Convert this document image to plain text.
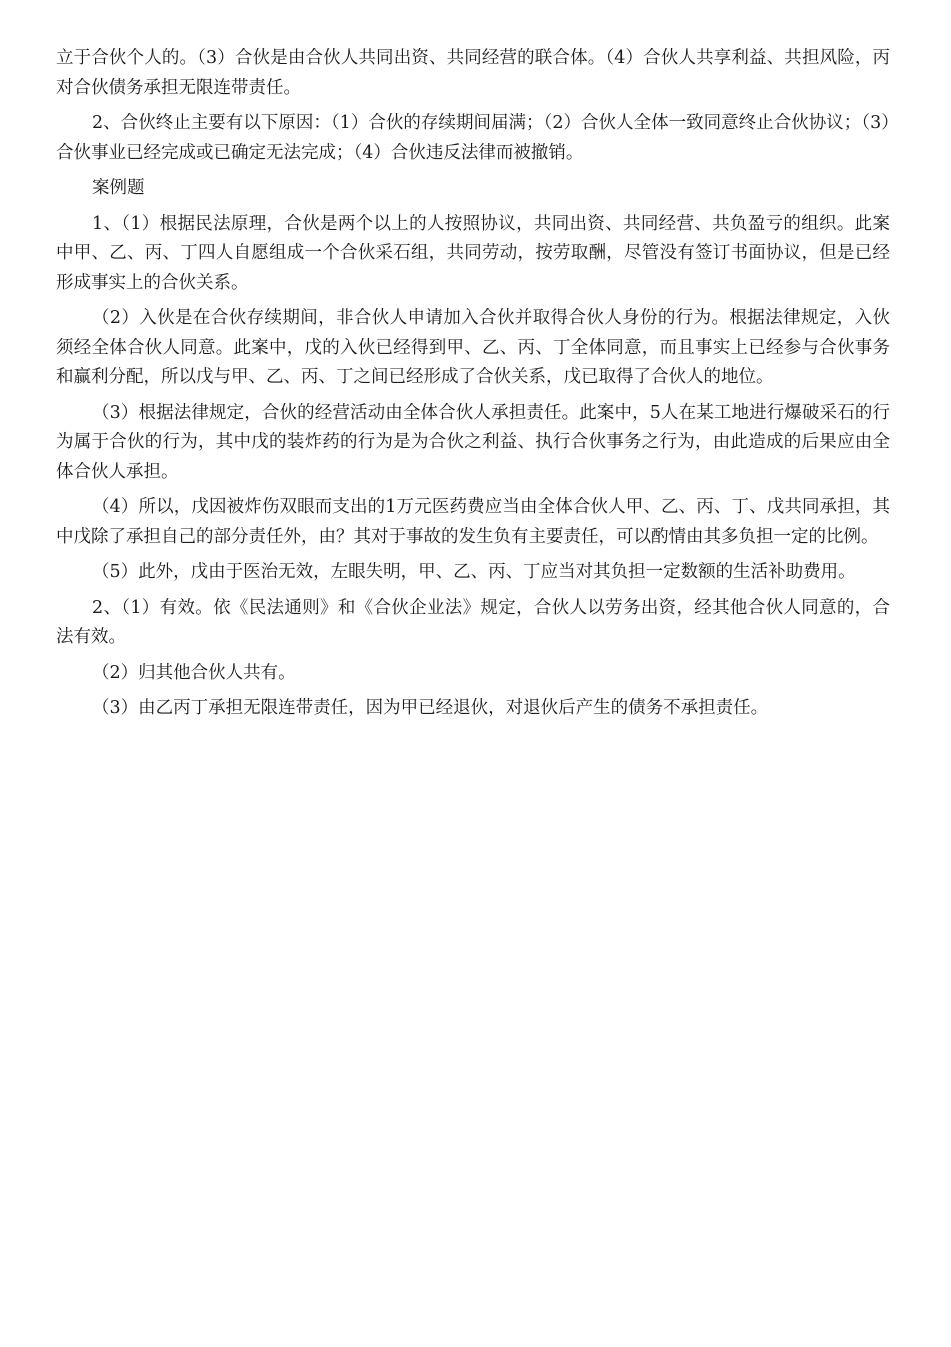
立于合伙个人的。（3）合伙是由合伙人共同出资、共同经营的联合体。（4）合伙人共享利益、共担风险，丙对合伙债务承担无限连带责任。

2、合伙终止主要有以下原因：（1）合伙的存续期间届满；（2）合伙人全体一致同意终止合伙协议；（3）合伙事业已经完成或已确定无法完成；（4）合伙违反法律而被撤销。

案例题

1、（1）根据民法原理，合伙是两个以上的人按照协议，共同出资、共同经营、共负盈亏的组织。此案中甲、乙、丙、丁四人自愿组成一个合伙采石组，共同劳动，按劳取酬，尽管没有签订书面协议，但是已经形成事实上的合伙关系。

（2）入伙是在合伙存续期间，非合伙人申请加入合伙并取得合伙人身份的行为。根据法律规定，入伙须经全体合伙人同意。此案中，戊的入伙已经得到甲、乙、丙、丁全体同意，而且事实上已经参与合伙事务和赢利分配，所以戊与甲、乙、丙、丁之间已经形成了合伙关系，戊已取得了合伙人的地位。

（3）根据法律规定，合伙的经营活动由全体合伙人承担责任。此案中，5人在某工地进行爆破采石的行为属于合伙的行为，其中戊的装炸药的行为是为合伙之利益、执行合伙事务之行为，由此造成的后果应由全体合伙人承担。

（4）所以，戊因被炸伤双眼而支出的1万元医药费应当由全体合伙人甲、乙、丙、丁、戊共同承担，其中戊除了承担自己的部分责任外，由？其对于事故的发生负有主要责任，可以酌情由其多负担一定的比例。

（5）此外，戊由于医治无效，左眼失明，甲、乙、丙、丁应当对其负担一定数额的生活补助费用。

2、（1）有效。依《民法通则》和《合伙企业法》规定，合伙人以劳务出资，经其他合伙人同意的，合法有效。

（2）归其他合伙人共有。

（3）由乙丙丁承担无限连带责任，因为甲已经退伙，对退伙后产生的债务不承担责任。
